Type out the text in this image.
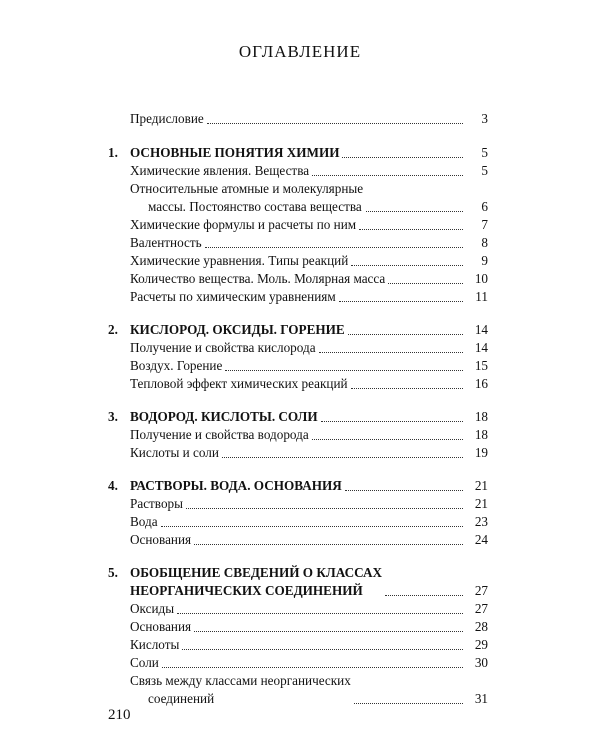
ОГЛАВЛЕНИЕ
Предисловие	3
1. ОСНОВНЫЕ ПОНЯТИЯ ХИМИИ	5
Химические явления. Вещества	5
Относительные атомные и молекулярные
массы. Постоянство состава вещества	6
Химические формулы и расчеты по ним	7
Валентность	8
Химические уравнения. Типы реакций	9
Количество вещества. Моль. Молярная масса	10
Расчеты по химическим уравнениям	11
2. КИСЛОРОД. ОКСИДЫ. ГОРЕНИЕ	14
Получение и свойства кислорода	14
Воздух. Горение	15
Тепловой эффект химических реакций	16
3. ВОДОРОД. КИСЛОТЫ. СОЛИ	18
Получение и свойства водорода	18
Кислоты и соли	19
4. РАСТВОРЫ. ВОДА. ОСНОВАНИЯ	21
Растворы	21
Вода	23
Основания	24
5. ОБОБЩЕНИЕ СВЕДЕНИЙ О КЛАССАХ
НЕОРГАНИЧЕСКИХ СОЕДИНЕНИЙ	27
Оксиды	27
Основания	28
Кислоты	29
Соли	30
Связь между классами неорганических
соединений	31
210
